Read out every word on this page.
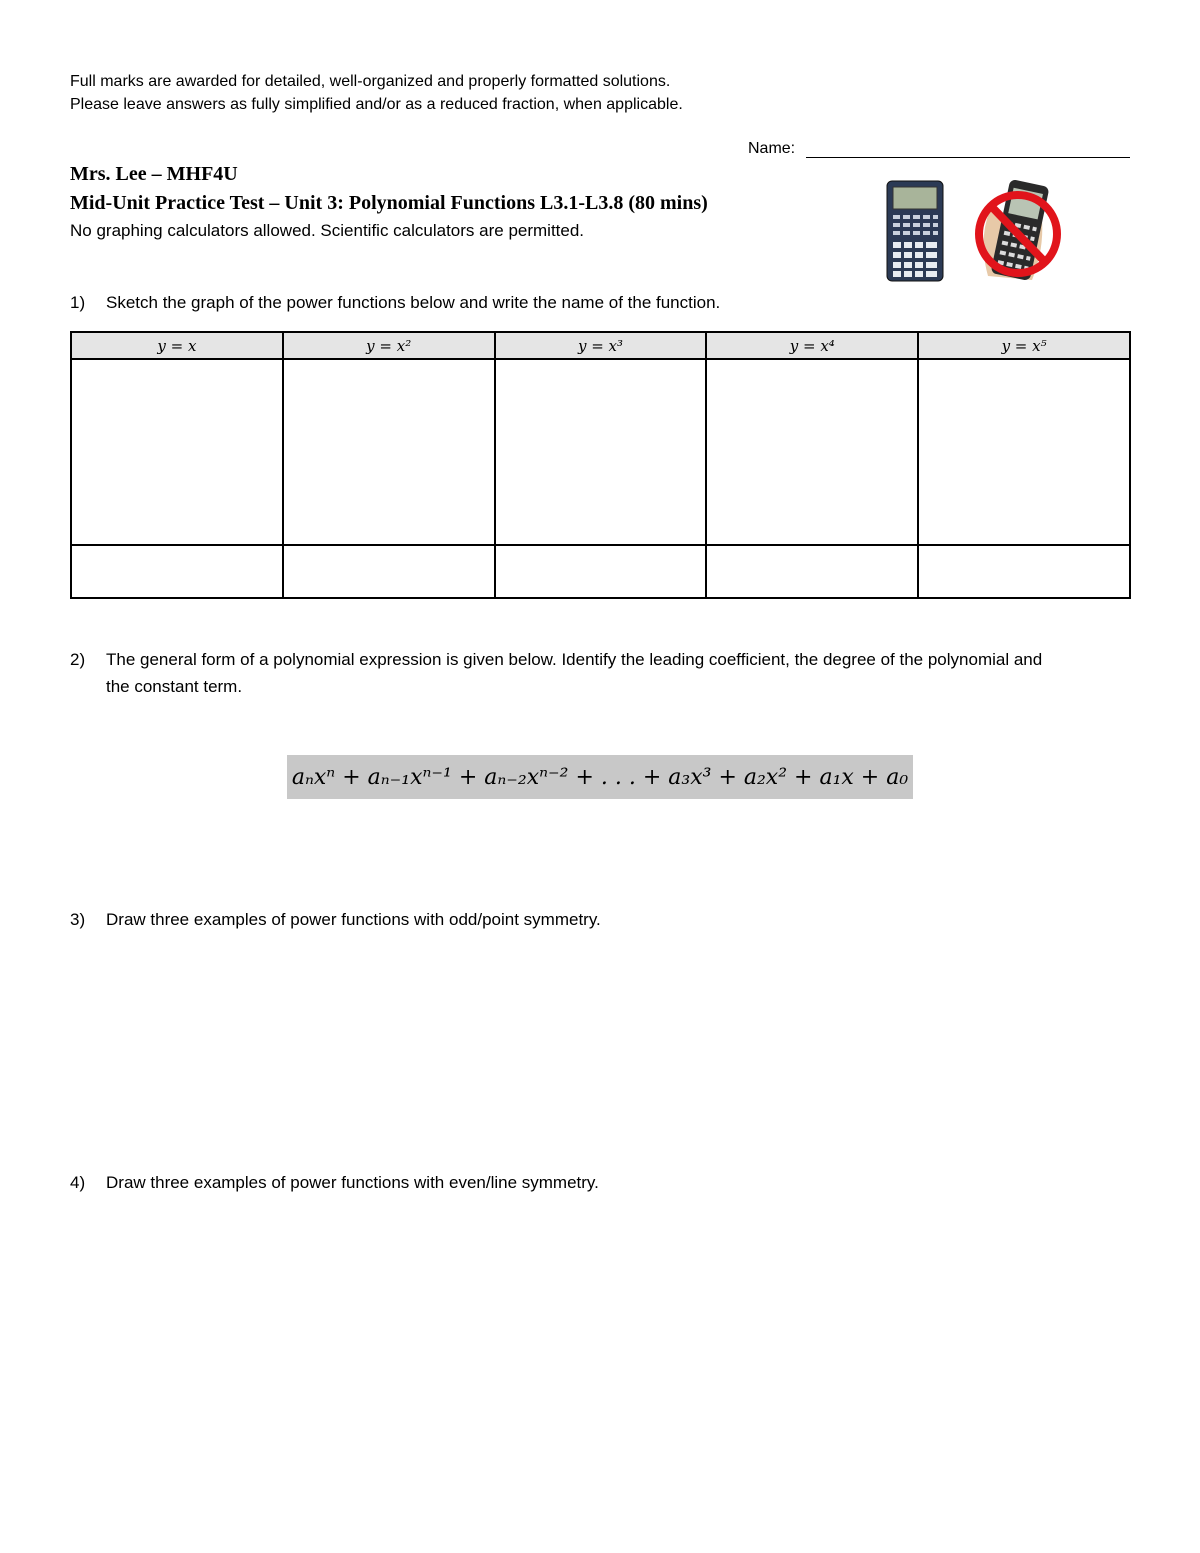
Full marks are awarded for detailed, well-organized and properly formatted solutions.
Please leave answers as fully simplified and/or as a reduced fraction, when applicable.
Name:
Mrs. Lee – MHF4U
Mid-Unit Practice Test – Unit 3: Polynomial Functions L3.1-L3.8 (80 mins)
No graphing calculators allowed. Scientific calculators are permitted.
1) Sketch the graph of the power functions below and write the name of the function.
y = x	y = x²	y = x³	y = x⁴	y = x⁵

2)	The general form of a polynomial expression is given below. Identify the leading coefficient, the degree of the polynomial and the constant term.
aₙxⁿ + aₙ₋₁xⁿ⁻¹ + aₙ₋₂xⁿ⁻² + . . . + a₃x³ + a₂x² + a₁x + a₀
3) Draw three examples of power functions with odd/point symmetry.
4) Draw three examples of power functions with even/line symmetry.
